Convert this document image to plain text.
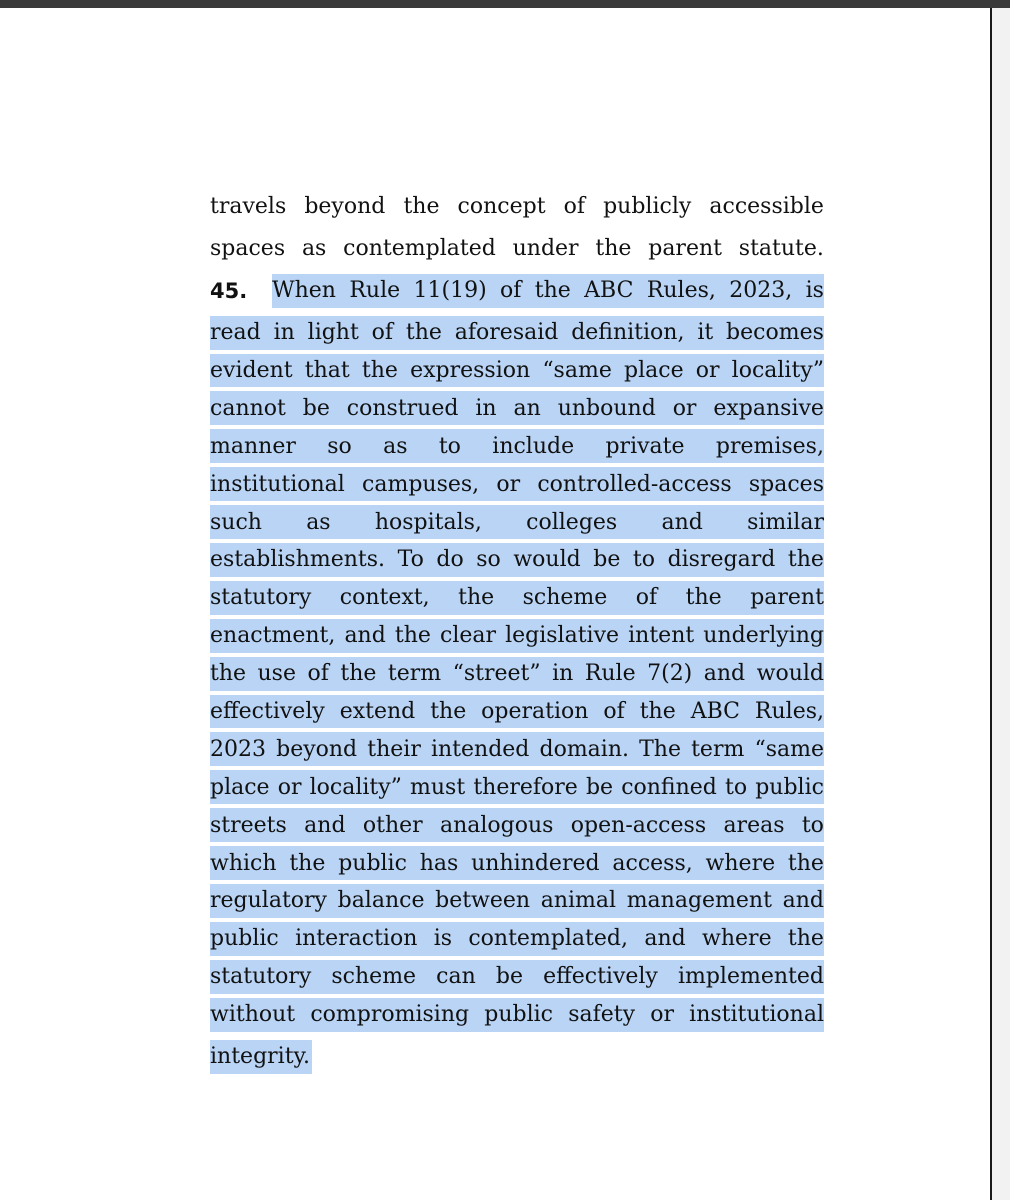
travels beyond the concept of publicly accessible
spaces as contemplated under the parent statute.
45. When Rule 11(19) of the ABC Rules, 2023, is
read in light of the aforesaid definition, it becomes
evident that the expression “same place or locality”
cannot be construed in an unbound or expansive
manner so as to include private premises,
institutional campuses, or controlled-access spaces
such as hospitals, colleges and similar
establishments. To do so would be to disregard the
statutory context, the scheme of the parent
enactment, and the clear legislative intent underlying
the use of the term “street” in Rule 7(2) and would
effectively extend the operation of the ABC Rules,
2023 beyond their intended domain. The term “same
place or locality” must therefore be confined to public
streets and other analogous open-access areas to
which the public has unhindered access, where the
regulatory balance between animal management and
public interaction is contemplated, and where the
statutory scheme can be effectively implemented
without compromising public safety or institutional
integrity.
